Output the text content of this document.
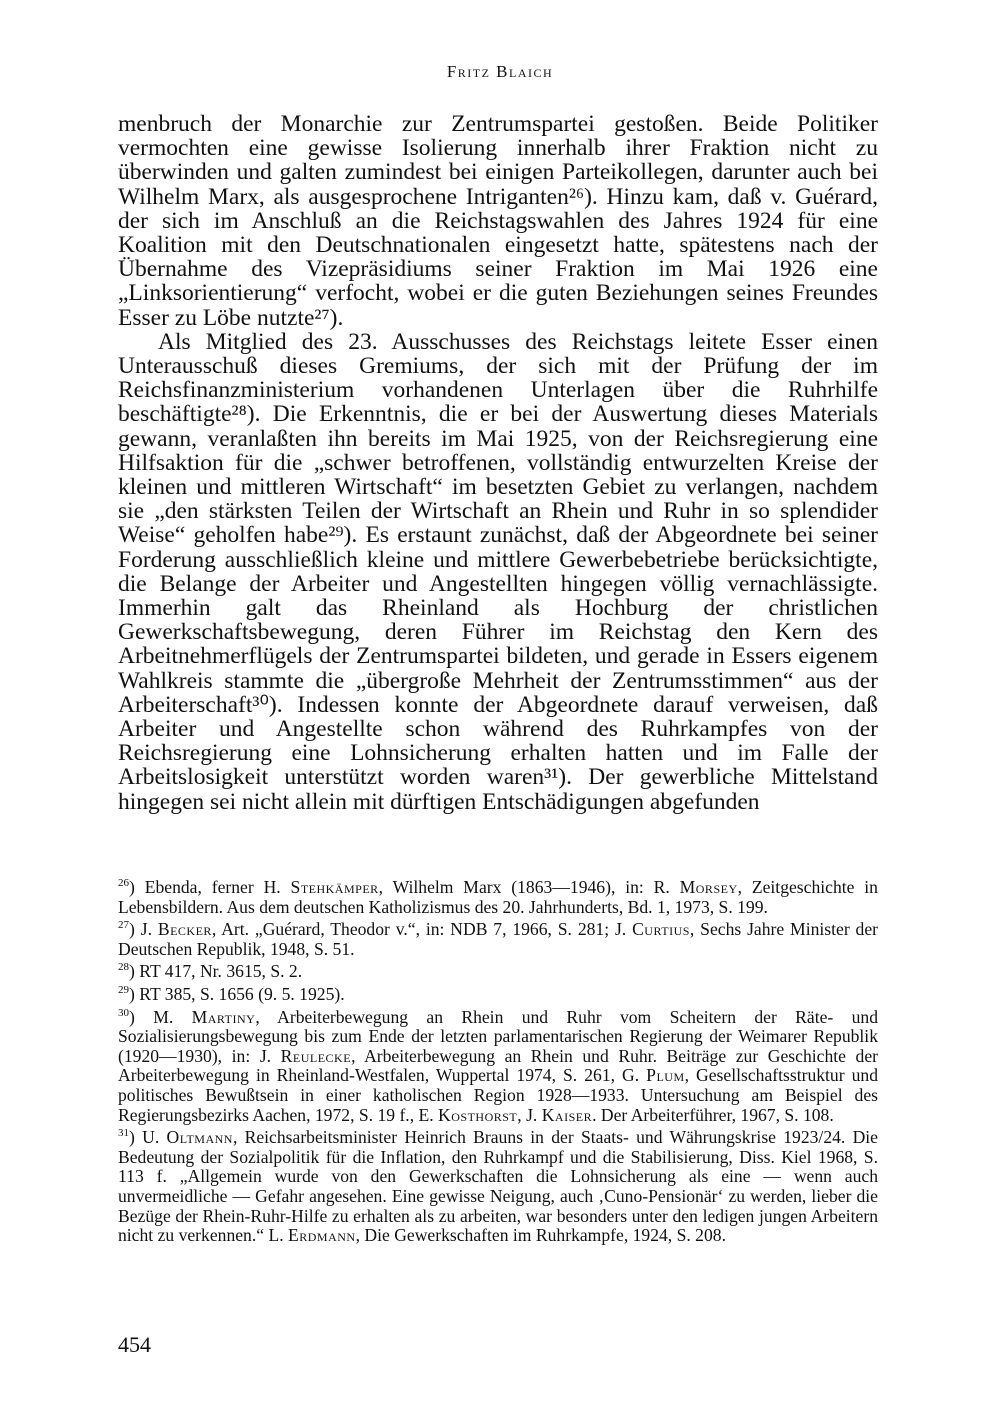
Fritz Blaich

menbruch der Monarchie zur Zentrumspartei gestoßen. Beide Politiker vermochten eine gewisse Isolierung innerhalb ihrer Fraktion nicht zu überwinden und galten zumindest bei einigen Parteikollegen, darunter auch bei Wilhelm Marx, als ausgesprochene Intriganten²⁶). Hinzu kam, daß v. Guérard, der sich im Anschluß an die Reichstagswahlen des Jahres 1924 für eine Koalition mit den Deutschnationalen eingesetzt hatte, spätestens nach der Übernahme des Vizepräsidiums seiner Fraktion im Mai 1926 eine „Linksorientierung“ verfocht, wobei er die guten Beziehungen seines Freundes Esser zu Löbe nutzte²⁷).

Als Mitglied des 23. Ausschusses des Reichstags leitete Esser einen Unterausschuß dieses Gremiums, der sich mit der Prüfung der im Reichsfinanzministerium vorhandenen Unterlagen über die Ruhrhilfe beschäftigte²⁸). Die Erkenntnis, die er bei der Auswertung dieses Materials gewann, veranlaßten ihn bereits im Mai 1925, von der Reichsregierung eine Hilfsaktion für die „schwer betroffenen, vollständig entwurzelten Kreise der kleinen und mittleren Wirtschaft“ im besetzten Gebiet zu verlangen, nachdem sie „den stärksten Teilen der Wirtschaft an Rhein und Ruhr in so splendider Weise“ geholfen habe²⁹). Es erstaunt zunächst, daß der Abgeordnete bei seiner Forderung ausschließlich kleine und mittlere Gewerbebetriebe berücksichtigte, die Belange der Arbeiter und Angestellten hingegen völlig vernachlässigte. Immerhin galt das Rheinland als Hochburg der christlichen Gewerkschaftsbewegung, deren Führer im Reichstag den Kern des Arbeitnehmerflügels der Zentrumspartei bildeten, und gerade in Essers eigenem Wahlkreis stammte die „übergroße Mehrheit der Zentrumsstimmen“ aus der Arbeiterschaft³⁰). Indessen konnte der Abgeordnete darauf verweisen, daß Arbeiter und Angestellte schon während des Ruhrkampfes von der Reichsregierung eine Lohnsicherung erhalten hatten und im Falle der Arbeitslosigkeit unterstützt worden waren³¹). Der gewerbliche Mittelstand hingegen sei nicht allein mit dürftigen Entschädigungen abgefunden

$^{26}$) Ebenda, ferner H. Stehkämper, Wilhelm Marx (1863—1946), in: R. Morsey, Zeitgeschichte in Lebensbildern. Aus dem deutschen Katholizismus des 20. Jahrhunderts, Bd. 1, 1973, S. 199.

$^{27}$) J. Becker, Art. „Guérard, Theodor v.“, in: NDB 7, 1966, S. 281; J. Curtius, Sechs Jahre Minister der Deutschen Republik, 1948, S. 51.

$^{28}$) RT 417, Nr. 3615, S. 2.

$^{29}$) RT 385, S. 1656 (9. 5. 1925).

$^{30}$) M. Martiny, Arbeiterbewegung an Rhein und Ruhr vom Scheitern der Räte- und Sozialisierungsbewegung bis zum Ende der letzten parlamentarischen Regierung der Weimarer Republik (1920—1930), in: J. Reulecke, Arbeiterbewegung an Rhein und Ruhr. Beiträge zur Geschichte der Arbeiterbewegung in Rheinland-Westfalen, Wuppertal 1974, S. 261, G. Plum, Gesellschaftsstruktur und politisches Bewußtsein in einer katholischen Region 1928—1933. Untersuchung am Beispiel des Regierungsbezirks Aachen, 1972, S. 19 f., E. Kosthorst, J. Kaiser. Der Arbeiterführer, 1967, S. 108.

$^{31}$) U. Oltmann, Reichsarbeitsminister Heinrich Brauns in der Staats- und Währungskrise 1923/24. Die Bedeutung der Sozialpolitik für die Inflation, den Ruhrkampf und die Stabilisierung, Diss. Kiel 1968, S. 113 f. „Allgemein wurde von den Gewerkschaften die Lohnsicherung als eine — wenn auch unvermeidliche — Gefahr angesehen. Eine gewisse Neigung, auch ‚Cuno-Pensionär‘ zu werden, lieber die Bezüge der Rhein-Ruhr-Hilfe zu erhalten als zu arbeiten, war besonders unter den ledigen jungen Arbeitern nicht zu verkennen.“ L. Erdmann, Die Gewerkschaften im Ruhrkampfe, 1924, S. 208.

454
